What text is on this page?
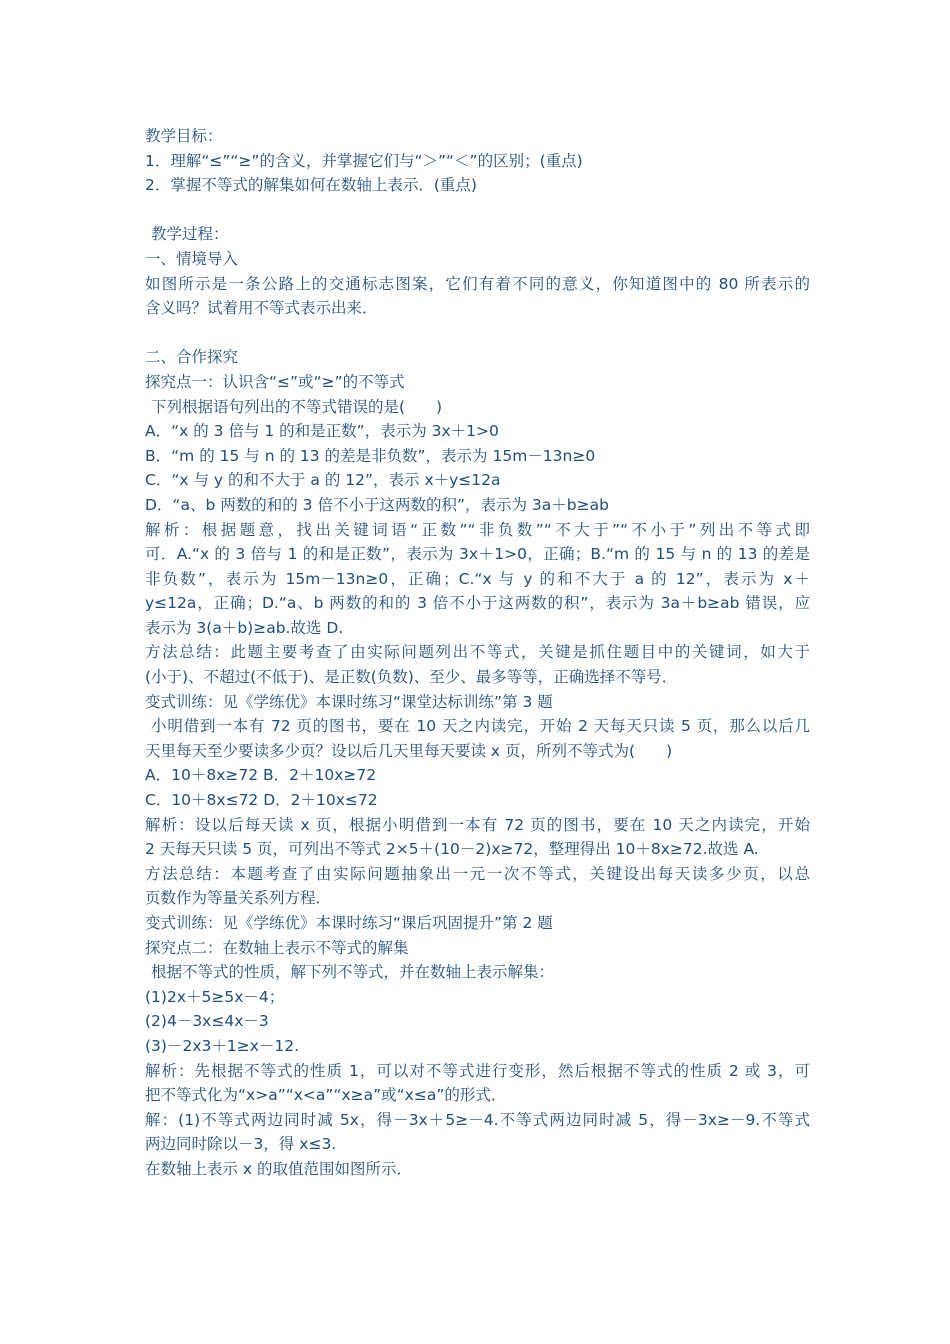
教学目标：
1．理解“≤”“≥”的含义，并掌握它们与“＞”“＜”的区别；(重点)
2．掌握不等式的解集如何在数轴上表示．(重点)
教学过程：
一、情境导入
如图所示是一条公路上的交通标志图案，它们有着不同的意义，你知道图中的 80 所表示的
含义吗？试着用不等式表示出来．
二、合作探究
探究点一：认识含“≤”或“≥”的不等式
下列根据语句列出的不等式错误的是(　　)
A．“x 的 3 倍与 1 的和是正数”，表示为 3x＋1>0
B．“m 的 15 与 n 的 13 的差是非负数”，表示为 15m－13n≥0
C．“x 与 y 的和不大于 a 的 12”，表示 x＋y≤12a
D．“a、b 两数的和的 3 倍不小于这两数的积”，表示为 3a＋b≥ab
解析：根据题意，找出关键词语“正数”“非负数”“不大于”“不小于”列出不等式即
可．A.“x 的 3 倍与 1 的和是正数”，表示为 3x＋1>0，正确；B.“m 的 15 与 n 的 13 的差是
非负数”，表示为 15m－13n≥0，正确；C.“x 与 y 的和不大于 a 的 12”，表示为 x＋
y≤12a，正确；D.“a、b 两数的和的 3 倍不小于这两数的积”，表示为 3a＋b≥ab 错误，应
表示为 3(a＋b)≥ab.故选 D.
方法总结：此题主要考查了由实际问题列出不等式，关键是抓住题目中的关键词，如大于
(小于)、不超过(不低于)、是正数(负数)、至少、最多等等，正确选择不等号．
变式训练：见《学练优》本课时练习“课堂达标训练”第 3 题
小明借到一本有 72 页的图书，要在 10 天之内读完，开始 2 天每天只读 5 页，那么以后几
天里每天至少要读多少页？设以后几天里每天要读 x 页，所列不等式为(　　)
A．10＋8x≥72 B．2＋10x≥72
C．10＋8x≤72 D．2＋10x≤72
解析：设以后每天读 x 页，根据小明借到一本有 72 页的图书，要在 10 天之内读完，开始
2 天每天只读 5 页，可列出不等式 2×5＋(10－2)x≥72，整理得出 10＋8x≥72.故选 A.
方法总结：本题考查了由实际问题抽象出一元一次不等式，关键设出每天读多少页，以总
页数作为等量关系列方程．
变式训练：见《学练优》本课时练习“课后巩固提升”第 2 题
探究点二：在数轴上表示不等式的解集
根据不等式的性质，解下列不等式，并在数轴上表示解集：
(1)2x＋5≥5x－4；
(2)4－3x≤4x－3
(3)－2x3＋1≥x－12.
解析：先根据不等式的性质 1，可以对不等式进行变形，然后根据不等式的性质 2 或 3，可
把不等式化为“x>a”“x<a”“x≥a”或“x≤a”的形式．
解：(1)不等式两边同时减 5x，得－3x＋5≥－4.不等式两边同时减 5，得－3x≥－9.不等式
两边同时除以－3，得 x≤3.
在数轴上表示 x 的取值范围如图所示．
